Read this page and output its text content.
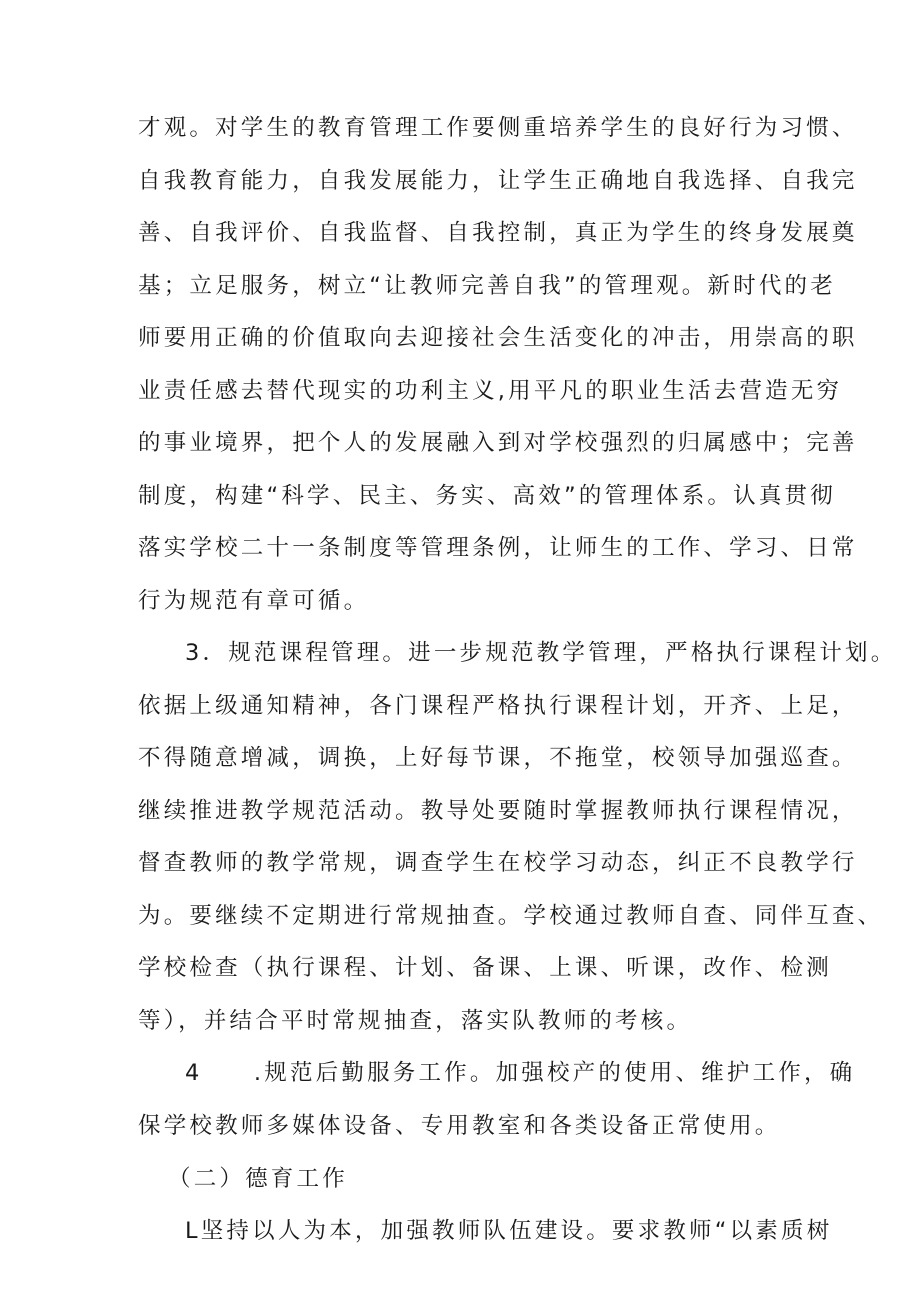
才观。对学生的教育管理工作要侧重培养学生的良好行为习惯、
自我教育能力，自我发展能力，让学生正确地自我选择、自我完
善、自我评价、自我监督、自我控制，真正为学生的终身发展奠
基；立足服务，树立“让教师完善自我”的管理观。新时代的老
师要用正确的价值取向去迎接社会生活变化的冲击，用崇高的职
业责任感去替代现实的功利主义,用平凡的职业生活去营造无穷
的事业境界，把个人的发展融入到对学校强烈的归属感中；完善
制度，构建“科学、民主、务实、高效”的管理体系。认真贯彻
落实学校二十一条制度等管理条例，让师生的工作、学习、日常
行为规范有章可循。
3．规范课程管理。进一步规范教学管理，严格执行课程计划。
依据上级通知精神，各门课程严格执行课程计划，开齐、上足，
不得随意增减，调换，上好每节课，不拖堂，校领导加强巡查。
继续推进教学规范活动。教导处要随时掌握教师执行课程情况，
督查教师的教学常规，调查学生在校学习动态，纠正不良教学行
为。要继续不定期进行常规抽查。学校通过教师自查、同伴互查、
学校检查（执行课程、计划、备课、上课、听课，改作、检测
等），并结合平时常规抽查，落实队教师的考核。
4　　.规范后勤服务工作。加强校产的使用、维护工作，确
保学校教师多媒体设备、专用教室和各类设备正常使用。
（二）德育工作
L坚持以人为本，加强教师队伍建设。要求教师“以素质树
